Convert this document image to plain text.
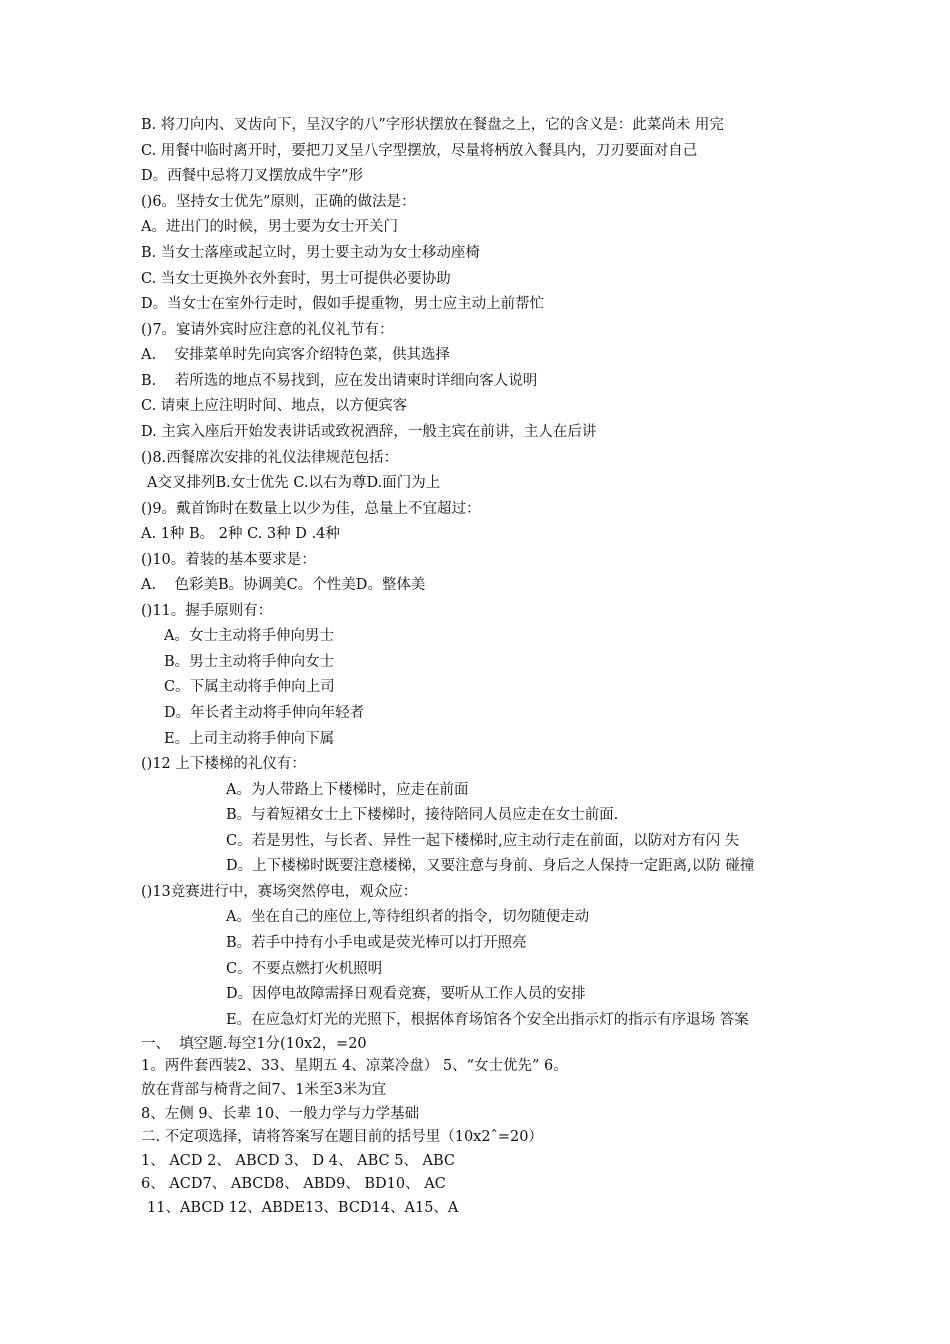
B. 将刀向内、叉齿向下，呈汉字的八”字形状摆放在餐盘之上，它的含义是：此菜尚未 用完
C. 用餐中临时离开时，要把刀叉呈八字型摆放，尽量将柄放入餐具内，刀刃要面对自己
D。西餐中忌将刀叉摆放成牛字”形
()6。坚持女士优先”原则，正确的做法是：
A。进出门的时候，男士要为女士开关门
B. 当女士落座或起立时，男士要主动为女士移动座椅
C. 当女士更换外衣外套时，男士可提供必要协助
D。当女士在室外行走时，假如手提重物，男士应主动上前帮忙
()7。宴请外宾时应注意的礼仪礼节有：
A.    安排菜单时先向宾客介绍特色菜，供其选择
B.    若所选的地点不易找到，应在发出请柬时详细向客人说明
C. 请柬上应注明时间、地点，以方便宾客
D. 主宾入座后开始发表讲话或致祝酒辞，一般主宾在前讲，主人在后讲
()8.西餐席次安排的礼仪法律规范包括：
A交叉排列B.女士优先 C.以右为尊D.面门为上
()9。戴首饰时在数量上以少为佳，总量上不宜超过：
A. 1种 B。 2种 C. 3种 D .4种
()10。着装的基本要求是：
A.    色彩美B。协调美C。个性美D。整体美
()11。握手原则有：
A。女士主动将手伸向男士
B。男士主动将手伸向女士
C。下属主动将手伸向上司
D。年长者主动将手伸向年轻者
E。上司主动将手伸向下属
()12 上下楼梯的礼仪有：
A。为人带路上下楼梯时，应走在前面
B。与着短裙女士上下楼梯时，接待陪同人员应走在女士前面.
C。若是男性，与长者、异性一起下楼梯时,应主动行走在前面，以防对方有闪 失
D。上下楼梯时既要注意楼梯，又要注意与身前、身后之人保持一定距离,以防 碰撞
()13竞赛进行中，赛场突然停电，观众应：
A。坐在自己的座位上,等待组织者的指令，切勿随便走动
B。若手中持有小手电或是荧光棒可以打开照亮
C。不要点燃打火机照明
D。因停电故障需择日观看竞赛，要听从工作人员的安排
E。在应急灯灯光的光照下，根据体育场馆各个安全出指示灯的指示有序退场 答案
一、  填空题.每空1分(10x2，=20
1。两件套西装2、33、星期五 4、凉菜冷盘） 5、“女士优先” 6。
放在背部与椅背之间7、1米至3米为宜
8、左侧 9、长辈 10、一般力学与力学基础
二. 不定项选择，请将答案写在题目前的括号里（10x2ˆ=20）
1、 ACD 2、 ABCD 3、 D 4、 ABC 5、 ABC
6、 ACD7、 ABCD8、 ABD9、 BD10、 AC
11、ABCD 12、ABDE13、BCD14、A15、A
